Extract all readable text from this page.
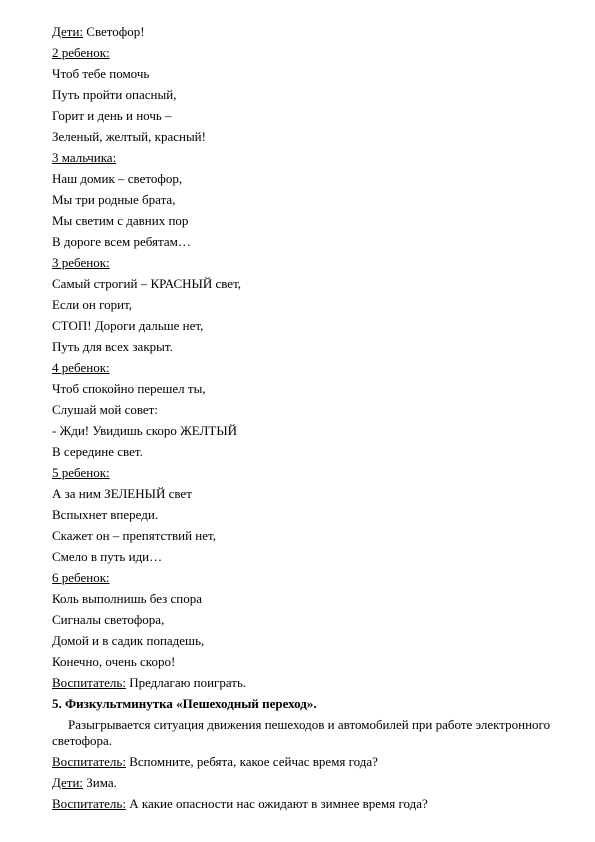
Дети: Светофор!
2 ребенок:
Чтоб тебе помочь
Путь пройти опасный,
Горит и день и ночь –
Зеленый, желтый, красный!
3 мальчика:
Наш домик – светофор,
Мы три родные брата,
Мы светим с давних пор
В дороге всем ребятам…
3 ребенок:
Самый строгий – КРАСНЫЙ свет,
Если он горит,
СТОП! Дороги дальше нет,
Путь для всех закрыт.
4 ребенок:
Чтоб спокойно перешел ты,
Слушай мой совет:
- Жди! Увидишь скоро ЖЕЛТЫЙ
В середине свет.
5 ребенок:
А за ним ЗЕЛЕНЫЙ свет
Вспыхнет впереди.
Скажет он – препятствий нет,
Смело в путь иди…
6 ребенок:
Коль выполнишь без спора
Сигналы светофора,
Домой и в садик попадешь,
Конечно, очень скоро!
Воспитатель: Предлагаю поиграть.
5. Физкультминутка «Пешеходный переход».
Разыгрывается ситуация движения пешеходов и автомобилей при работе электронного светофора.
Воспитатель: Вспомните, ребята, какое сейчас время года?
Дети: Зима.
Воспитатель: А какие опасности нас ожидают в зимнее время года?
